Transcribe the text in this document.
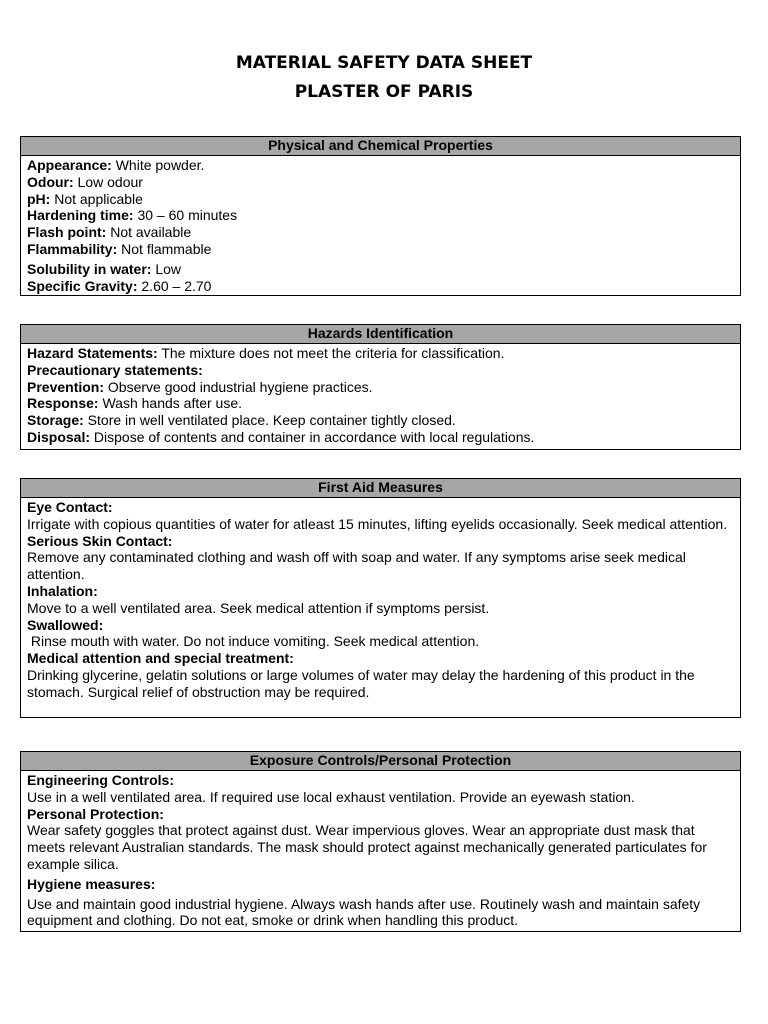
MATERIAL SAFETY DATA SHEET
PLASTER OF PARIS
Physical and Chemical Properties
Appearance: White powder.
Odour: Low odour
pH: Not applicable
Hardening time: 30 – 60 minutes
Flash point: Not available
Flammability: Not flammable
Solubility in water: Low
Specific Gravity: 2.60 – 2.70
Hazards Identification
Hazard Statements: The mixture does not meet the criteria for classification.
Precautionary statements:
Prevention: Observe good industrial hygiene practices.
Response: Wash hands after use.
Storage: Store in well ventilated place. Keep container tightly closed.
Disposal: Dispose of contents and container in accordance with local regulations.
First Aid Measures
Eye Contact:
Irrigate with copious quantities of water for atleast 15 minutes, lifting eyelids occasionally. Seek medical attention.
Serious Skin Contact:
Remove any contaminated clothing and wash off with soap and water. If any symptoms arise seek medical attention.
Inhalation:
Move to a well ventilated area. Seek medical attention if symptoms persist.
Swallowed:
Rinse mouth with water. Do not induce vomiting. Seek medical attention.
Medical attention and special treatment:
Drinking glycerine, gelatin solutions or large volumes of water may delay the hardening of this product in the stomach. Surgical relief of obstruction may be required.
Exposure Controls/Personal Protection
Engineering Controls:
Use in a well ventilated area. If required use local exhaust ventilation. Provide an eyewash station.
Personal Protection:
Wear safety goggles that protect against dust. Wear impervious gloves. Wear an appropriate dust mask that meets relevant Australian standards. The mask should protect against mechanically generated particulates for example silica.
Hygiene measures:
Use and maintain good industrial hygiene. Always wash hands after use. Routinely wash and maintain safety equipment and clothing. Do not eat, smoke or drink when handling this product.
